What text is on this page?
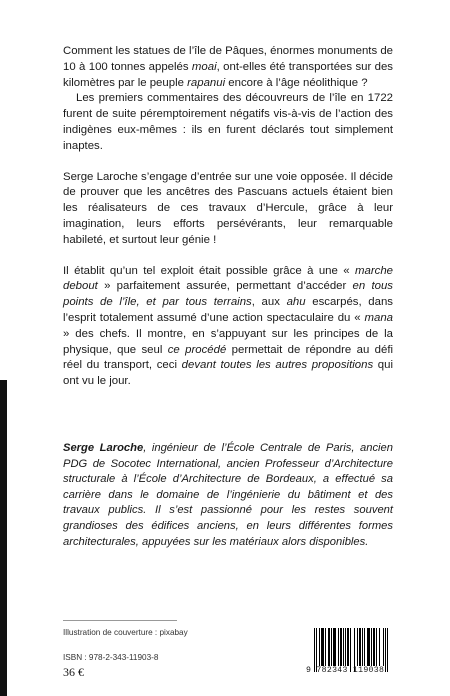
Comment les statues de l’île de Pâques, énormes monuments de 10 à 100 tonnes appelés moai, ont-elles été transportées sur des kilomètres par le peuple rapanui encore à l’âge néolithique ?

Les premiers commentaires des découvreurs de l’île en 1722 furent de suite péremptoirement négatifs vis-à-vis de l’action des indigènes eux-mêmes : ils en furent déclarés tout simplement inaptes.

Serge Laroche s’engage d’entrée sur une voie opposée. Il décide de prouver que les ancêtres des Pascuans actuels étaient bien les réalisateurs de ces travaux d’Hercule, grâce à leur imagination, leurs efforts persévérants, leur remarquable habileté, et surtout leur génie !

Il établit qu’un tel exploit était possible grâce à une « marche debout » parfaitement assurée, permettant d’accéder en tous points de l’île, et par tous terrains, aux ahu escarpés, dans l’esprit totalement assumé d’une action spectaculaire du « mana » des chefs. Il montre, en s’appuyant sur les principes de la physique, que seul ce procédé permettait de répondre au défi réel du transport, ceci devant toutes les autres propositions qui ont vu le jour.

Serge Laroche, ingénieur de l’École Centrale de Paris, ancien PDG de Socotec International, ancien Professeur d’Architecture structurale à l’École d’Architecture de Bordeaux, a effectué sa carrière dans le domaine de l’ingénierie du bâtiment et des travaux publics. Il s’est passionné pour les restes souvent grandioses des édifices anciens, en leurs différentes formes architecturales, appuyées sur les matériaux alors disponibles.

Illustration de couverture : pixabay
ISBN : 978-2-343-11903-8
36 €	9 782343 119038
